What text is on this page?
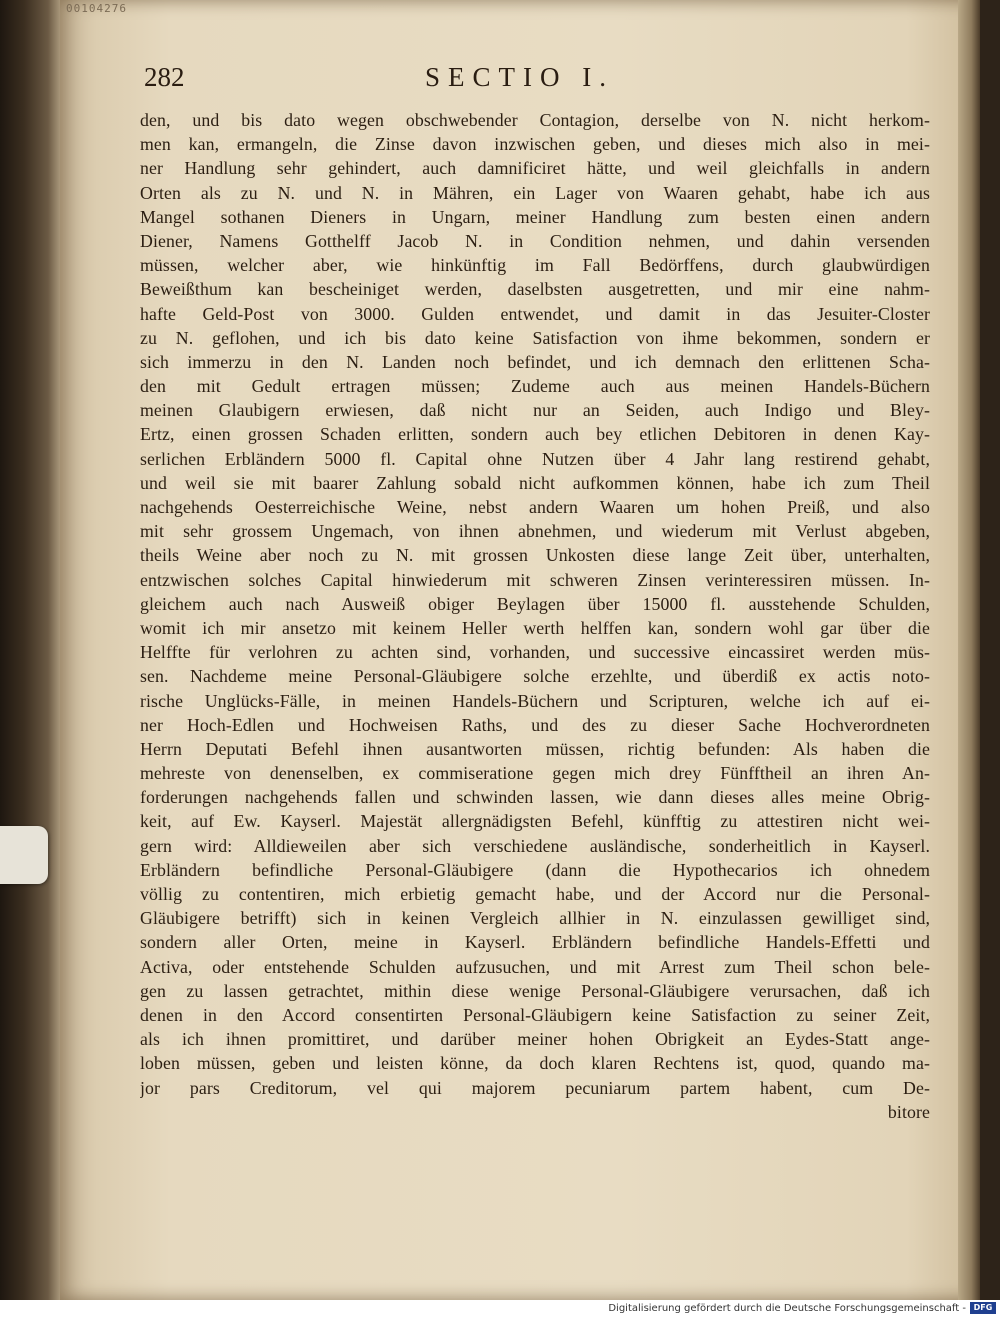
00104276
282	SECTIO I.
den, und bis dato wegen obschwebender Contagion, derselbe von N. nicht herkom-
men kan, ermangeln, die Zinse davon inzwischen geben, und dieses mich also in mei-
ner Handlung sehr gehindert, auch damnificiret hätte, und weil gleichfalls in andern
Orten als zu N. und N. in Mähren, ein Lager von Waaren gehabt, habe ich aus
Mangel sothanen Dieners in Ungarn, meiner Handlung zum besten einen andern
Diener, Namens Gotthelff Jacob N. in Condition nehmen, und dahin versenden
müssen, welcher aber, wie hinkünftig im Fall Bedörffens, durch glaubwürdigen
Beweißthum kan bescheiniget werden, daselbsten ausgetretten, und mir eine nahm-
hafte Geld-Post von 3000. Gulden entwendet, und damit in das Jesuiter-Closter
zu N. geflohen, und ich bis dato keine Satisfaction von ihme bekommen, sondern er
sich immerzu in den N. Landen noch befindet, und ich demnach den erlittenen Scha-
den mit Gedult ertragen müssen; Zudeme auch aus meinen Handels-Büchern
meinen Glaubigern erwiesen, daß nicht nur an Seiden, auch Indigo und Bley-
Ertz, einen grossen Schaden erlitten, sondern auch bey etlichen Debitoren in denen Kay-
serlichen Erbländern 5000 fl. Capital ohne Nutzen über 4 Jahr lang restirend gehabt,
und weil sie mit baarer Zahlung sobald nicht aufkommen können, habe ich zum Theil
nachgehends Oesterreichische Weine, nebst andern Waaren um hohen Preiß, und also
mit sehr grossem Ungemach, von ihnen abnehmen, und wiederum mit Verlust abgeben,
theils Weine aber noch zu N. mit grossen Unkosten diese lange Zeit über, unterhalten,
entzwischen solches Capital hinwiederum mit schweren Zinsen verinteressiren müssen. In-
gleichem auch nach Ausweiß obiger Beylagen über 15000 fl. ausstehende Schulden,
womit ich mir ansetzo mit keinem Heller werth helffen kan, sondern wohl gar über die
Helffte für verlohren zu achten sind, vorhanden, und successive eincassiret werden müs-
sen. Nachdeme meine Personal-Gläubigere solche erzehlte, und überdiß ex actis noto-
rische Unglücks-Fälle, in meinen Handels-Büchern und Scripturen, welche ich auf ei-
ner Hoch-Edlen und Hochweisen Raths, und des zu dieser Sache Hochverordneten
Herrn Deputati Befehl ihnen ausantworten müssen, richtig befunden: Als haben die
mehreste von denenselben, ex commiseratione gegen mich drey Fünfftheil an ihren An-
forderungen nachgehends fallen und schwinden lassen, wie dann dieses alles meine Obrig-
keit, auf Ew. Kayserl. Majestät allergnädigsten Befehl, künfftig zu attestiren nicht wei-
gern wird: Alldieweilen aber sich verschiedene ausländische, sonderheitlich in Kayserl.
Erbländern befindliche Personal-Gläubigere (dann die Hypothecarios ich ohnedem
völlig zu contentiren, mich erbietig gemacht habe, und der Accord nur die Personal-
Gläubigere betrifft) sich in keinen Vergleich allhier in N. einzulassen gewilliget sind,
sondern aller Orten, meine in Kayserl. Erbländern befindliche Handels-Effetti und
Activa, oder entstehende Schulden aufzusuchen, und mit Arrest zum Theil schon bele-
gen zu lassen getrachtet, mithin diese wenige Personal-Gläubigere verursachen, daß ich
denen in den Accord consentirten Personal-Gläubigern keine Satisfaction zu seiner Zeit,
als ich ihnen promittiret, und darüber meiner hohen Obrigkeit an Eydes-Statt ange-
loben müssen, geben und leisten könne, da doch klaren Rechtens ist, quod, quando ma-
jor pars Creditorum, vel qui majorem pecuniarum partem habent, cum De-
bitore
Digitalisierung gefördert durch die Deutsche Forschungsgemeinschaft - DFG
